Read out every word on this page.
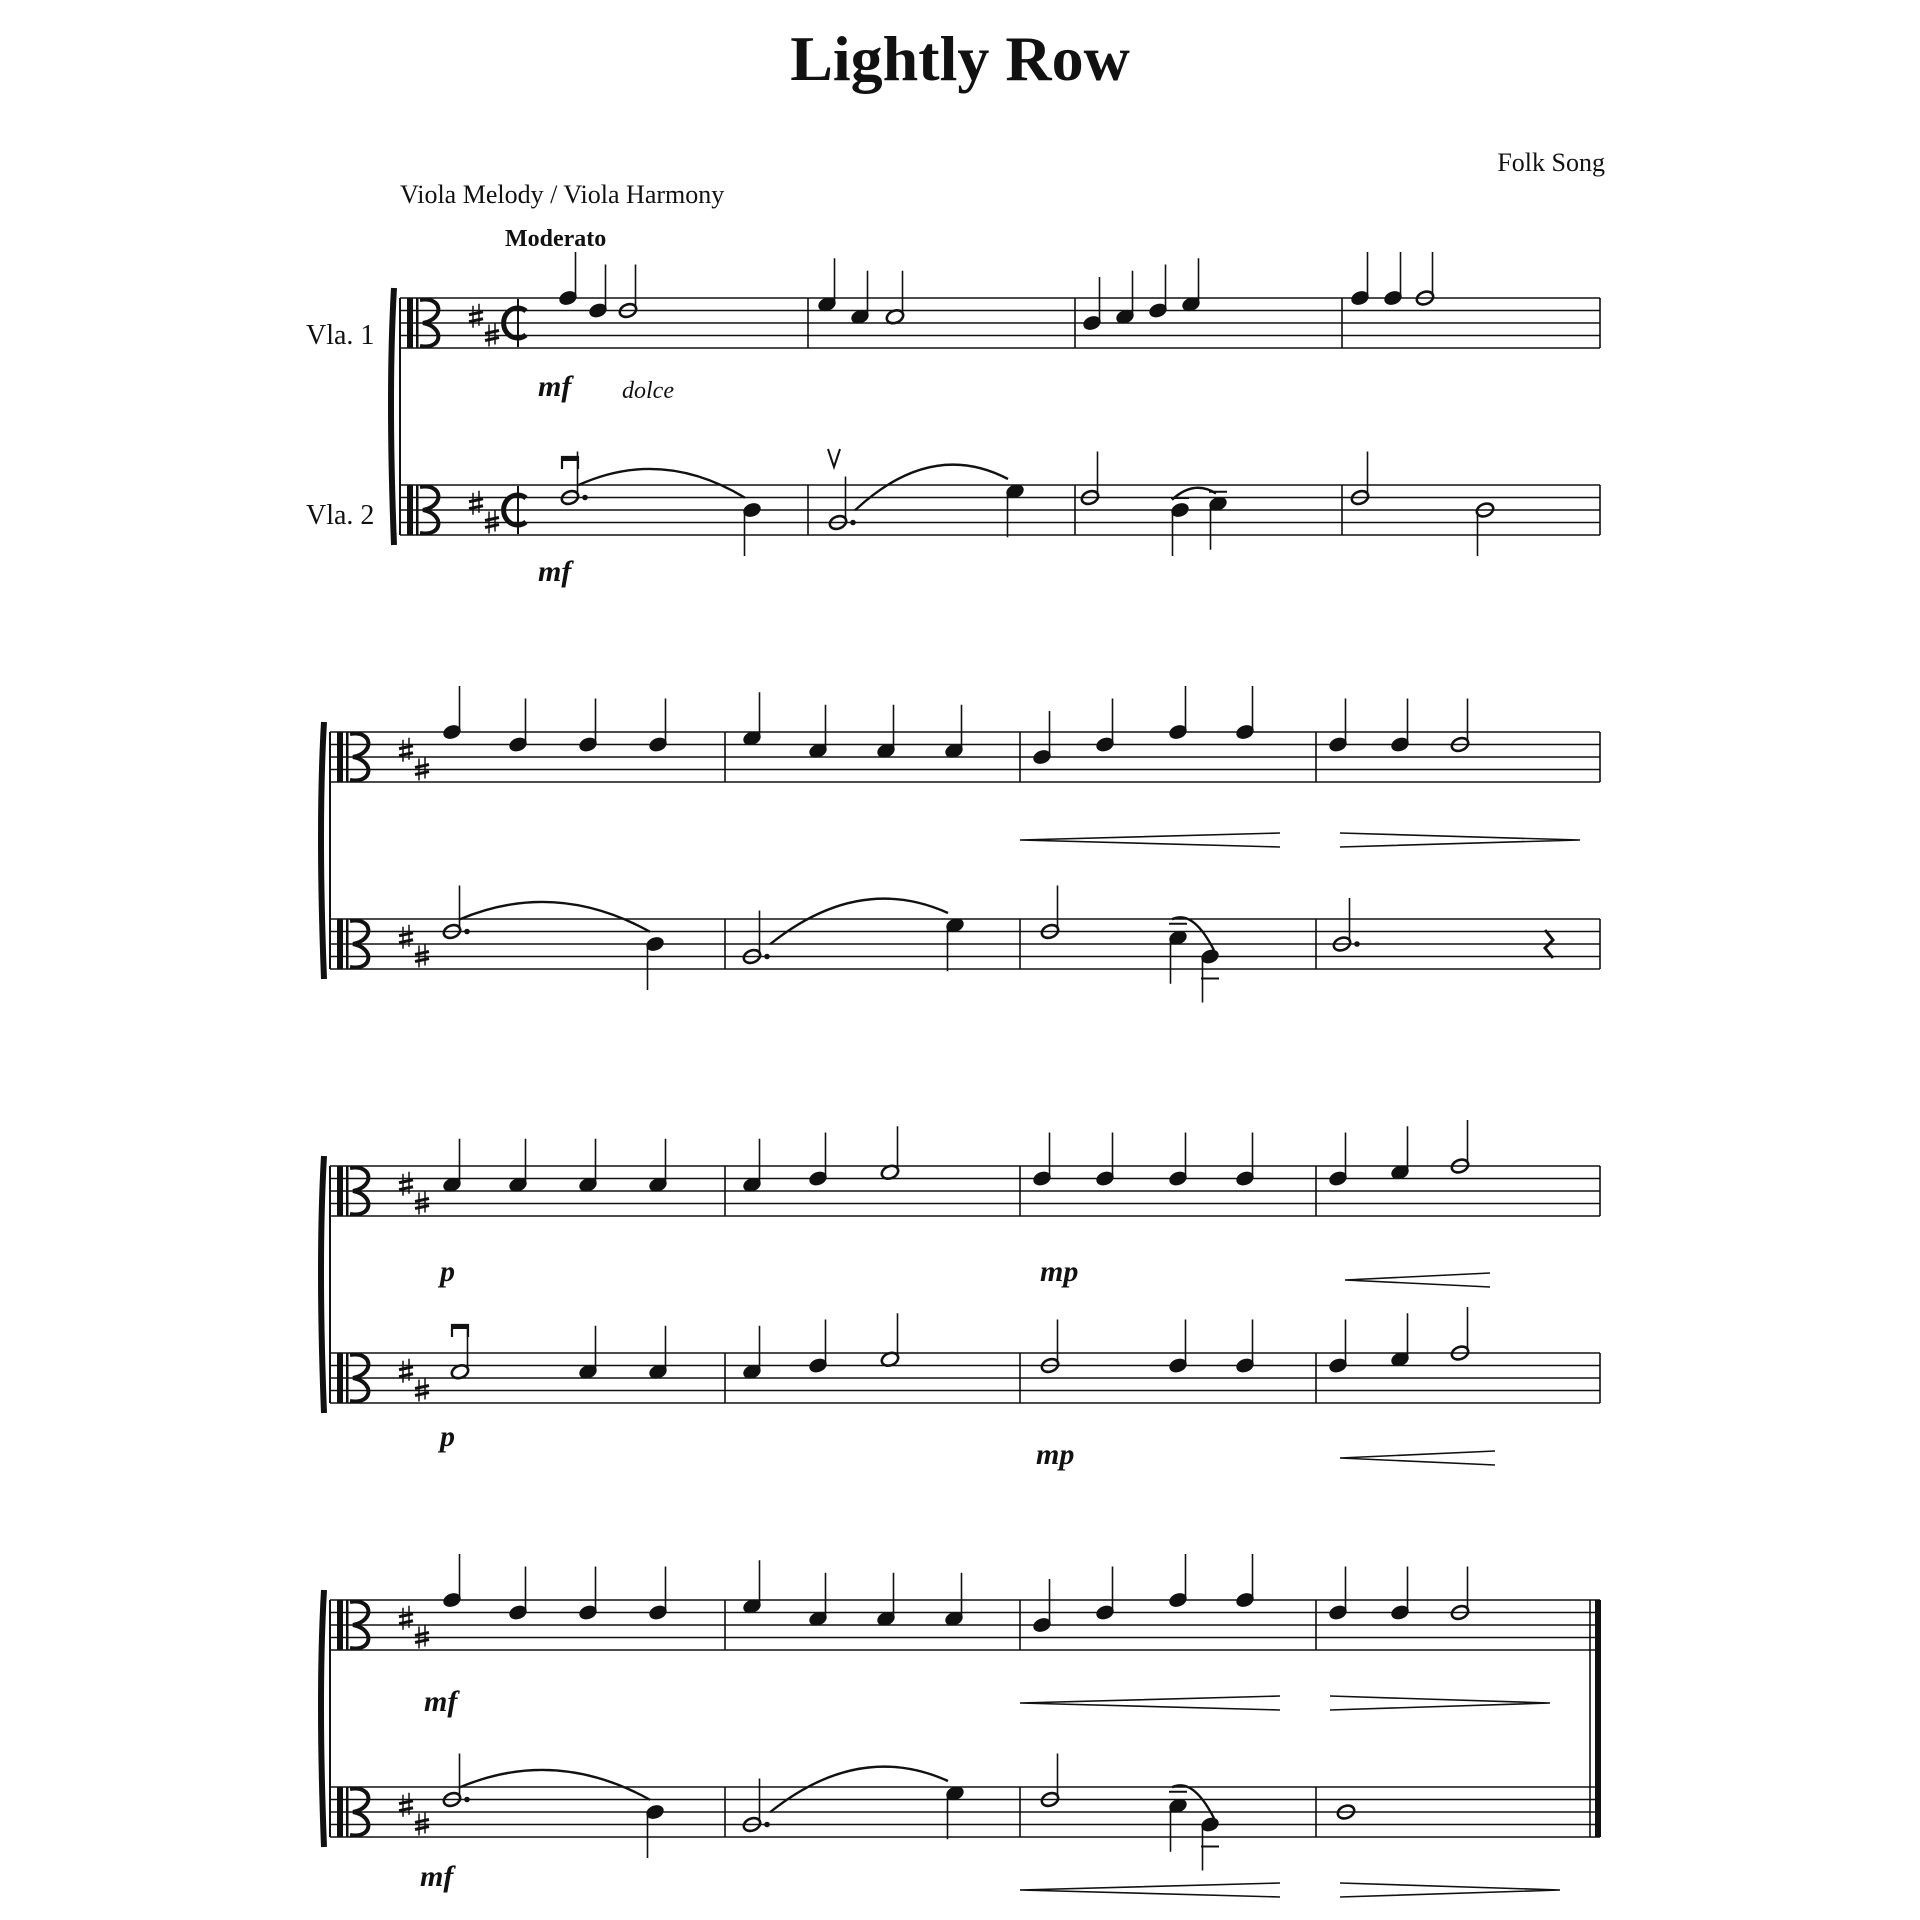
Lightly Row
Folk Song
Viola Melody / Viola Harmony
Moderato
Vla. 1
Vla. 2
mf dolce
mf
p	mp
p
mp
mf
mf
